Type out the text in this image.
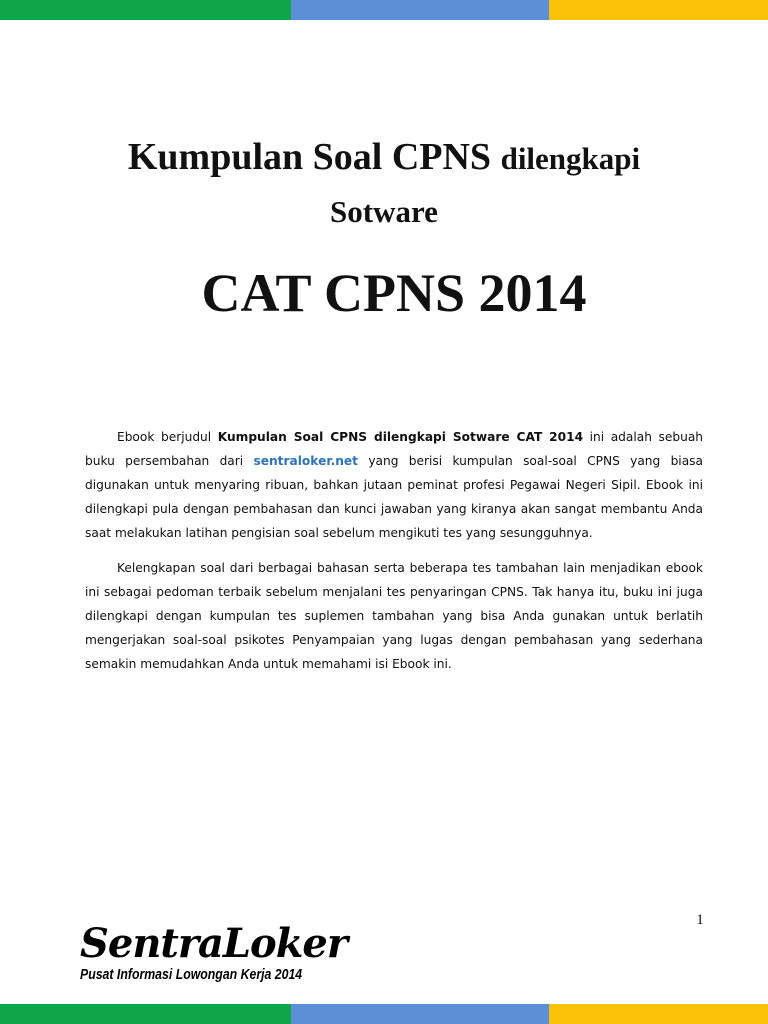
Kumpulan Soal CPNS dilengkapi
Sotware
CAT CPNS 2014

Ebook berjudul Kumpulan Soal CPNS dilengkapi Sotware CAT 2014 ini adalah sebuah buku persembahan dari sentraloker.net yang berisi kumpulan soal-soal CPNS yang biasa digunakan untuk menyaring ribuan, bahkan jutaan peminat profesi Pegawai Negeri Sipil. Ebook ini dilengkapi pula dengan pembahasan dan kunci jawaban yang kiranya akan sangat membantu Anda saat melakukan latihan pengisian soal sebelum mengikuti tes yang sesungguhnya.

Kelengkapan soal dari berbagai bahasan serta beberapa tes tambahan lain menjadikan ebook ini sebagai pedoman terbaik sebelum menjalani tes penyaringan CPNS. Tak hanya itu, buku ini juga dilengkapi dengan kumpulan tes suplemen tambahan yang bisa Anda gunakan untuk berlatih mengerjakan soal-soal psikotes Penyampaian yang lugas dengan pembahasan yang sederhana semakin memudahkan Anda untuk memahami isi Ebook ini.

1
SentraLoker
Pusat Informasi Lowongan Kerja 2014
